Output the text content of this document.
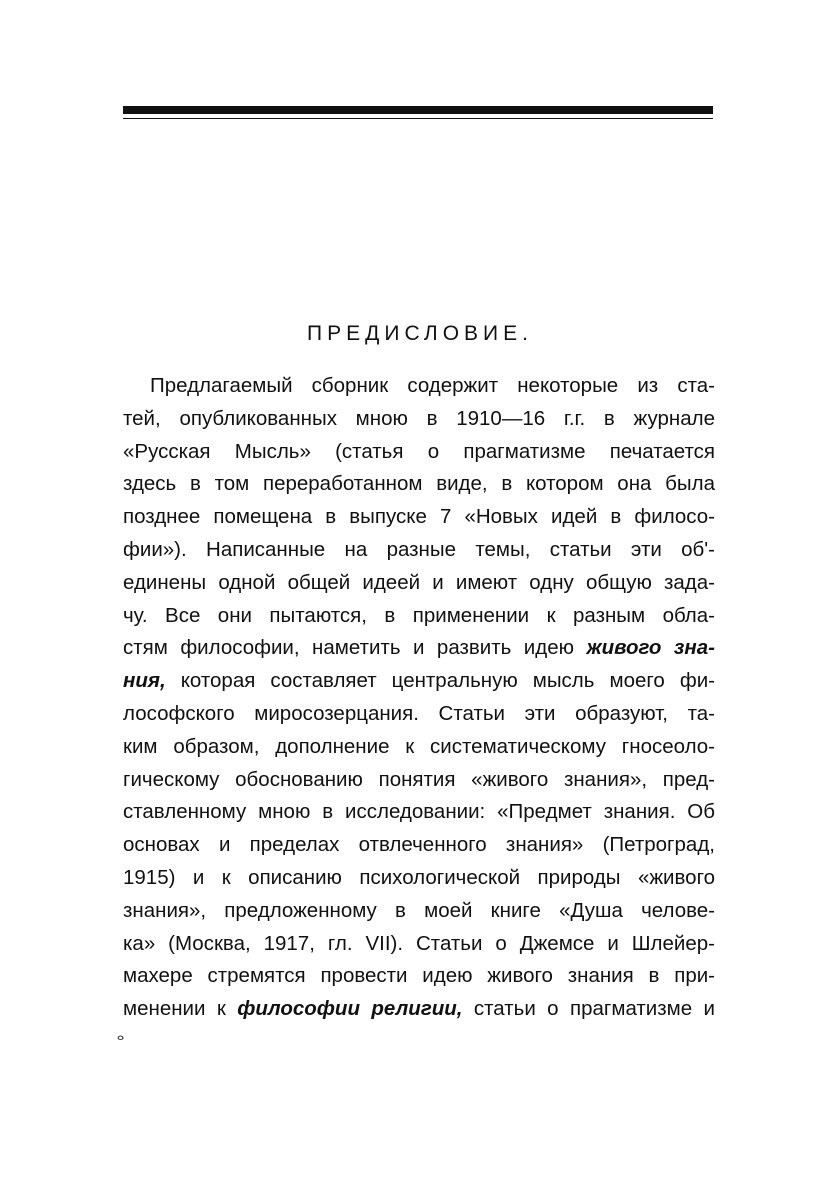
ПРЕДИСЛОВИЕ.
Предлагаемый сборник содержит некоторые из ста-
тей, опубликованных мною в 1910—16 г.г. в журнале
«Русская Мысль» (статья о прагматизме печатается
здесь в том переработанном виде, в котором она была
позднее помещена в выпуске 7 «Новых идей в филосо-
фии»). Написанные на разные темы, статьи эти об'-
единены одной общей идеей и имеют одну общую зада-
чу. Все они пытаются, в применении к разным обла-
стям философии, наметить и развить идею живого зна-
ния, которая составляет центральную мысль моего фи-
лософского миросозерцания. Статьи эти образуют, та-
ким образом, дополнение к систематическому гносеоло-
гическому обоснованию понятия «живого знания», пред-
ставленному мною в исследовании: «Предмет знания. Об
основах и пределах отвлеченного знания» (Петроград,
1915) и к описанию психологической природы «живого
знания», предложенному в моей книге «Душа челове-
ка» (Москва, 1917, гл. VII). Статьи о Джемсе и Шлейер-
махере стремятся провести идею живого знания в при-
менении к философии религии, статьи о прагматизме и
ⴰ
